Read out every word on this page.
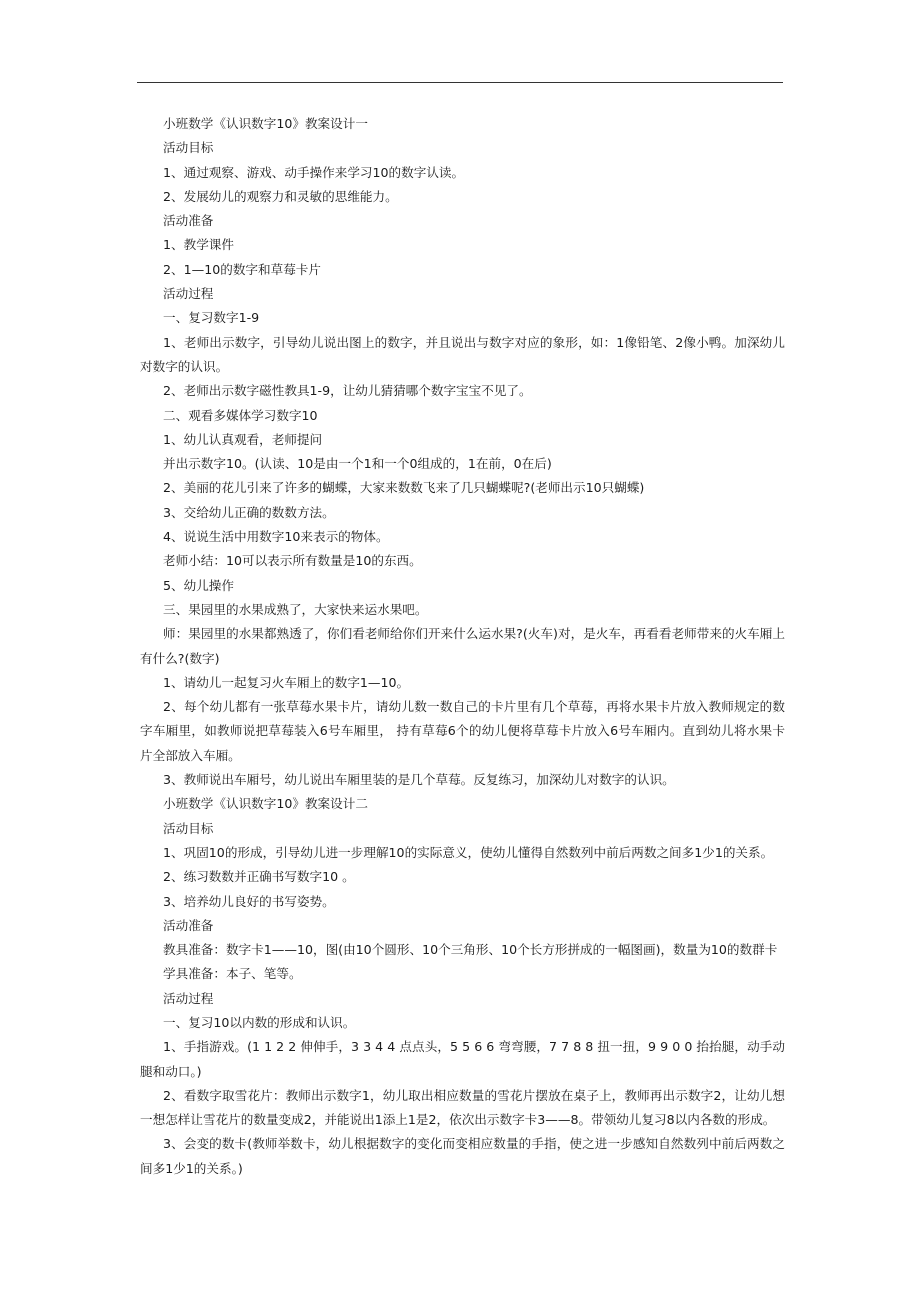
小班数学《认识数字10》教案设计一

活动目标

1、通过观察、游戏、动手操作来学习10的数字认读。

2、发展幼儿的观察力和灵敏的思维能力。

活动准备

1、教学课件

2、1—10的数字和草莓卡片

活动过程

一、复习数字1-9

1、老师出示数字，引导幼儿说出图上的数字，并且说出与数字对应的象形，如：1像铅笔、2像小鸭。加深幼儿对数字的认识。

2、老师出示数字磁性教具1-9，让幼儿猜猜哪个数字宝宝不见了。

二、观看多媒体学习数字10

1、幼儿认真观看，老师提问

并出示数字10。(认读、10是由一个1和一个0组成的，1在前，0在后)

2、美丽的花儿引来了许多的蝴蝶，大家来数数飞来了几只蝴蝶呢?(老师出示10只蝴蝶)

3、交给幼儿正确的数数方法。

4、说说生活中用数字10来表示的物体。

老师小结：10可以表示所有数量是10的东西。

5、幼儿操作

三、果园里的水果成熟了，大家快来运水果吧。

师：果园里的水果都熟透了，你们看老师给你们开来什么运水果?(火车)对，是火车，再看看老师带来的火车厢上有什么?(数字)

1、请幼儿一起复习火车厢上的数字1—10。

2、每个幼儿都有一张草莓水果卡片，请幼儿数一数自己的卡片里有几个草莓，再将水果卡片放入教师规定的数字车厢里，如教师说把草莓装入6号车厢里， 持有草莓6个的幼儿便将草莓卡片放入6号车厢内。直到幼儿将水果卡片全部放入车厢。

3、教师说出车厢号，幼儿说出车厢里装的是几个草莓。反复练习，加深幼儿对数字的认识。

小班数学《认识数字10》教案设计二

活动目标

1、巩固10的形成，引导幼儿进一步理解10的实际意义，使幼儿懂得自然数列中前后两数之间多1少1的关系。

2、练习数数并正确书写数字10 。

3、培养幼儿良好的书写姿势。

活动准备

教具准备：数字卡1——10，图(由10个圆形、10个三角形、10个长方形拼成的一幅图画)，数量为10的数群卡

学具准备：本子、笔等。

活动过程

一、复习10以内数的形成和认识。

1、手指游戏。(1 1 2 2 伸伸手，3 3 4 4 点点头，5 5 6 6 弯弯腰，7 7 8 8 扭一扭，9 9 0 0 抬抬腿，动手动腿和动口。)

2、看数字取雪花片：教师出示数字1，幼儿取出相应数量的雪花片摆放在桌子上，教师再出示数字2，让幼儿想一想怎样让雪花片的数量变成2，并能说出1添上1是2，依次出示数字卡3——8。带领幼儿复习8以内各数的形成。

3、会变的数卡(教师举数卡，幼儿根据数字的变化而变相应数量的手指，使之进一步感知自然数列中前后两数之间多1少1的关系。)
